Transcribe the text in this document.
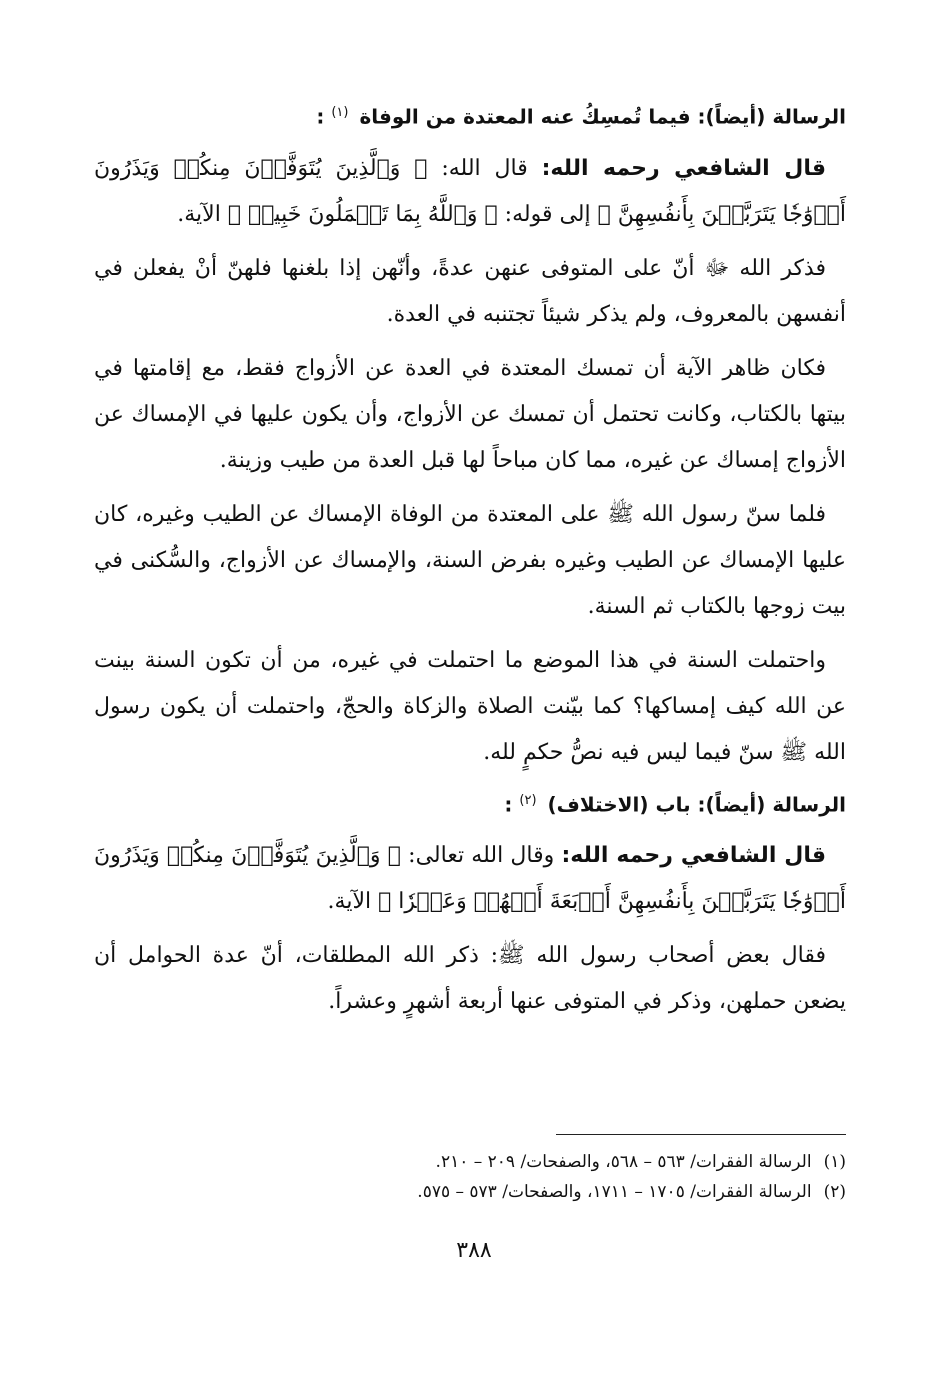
الرسالة (أيضاً): فيما تُمسِكُ عنه المعتدة من الوفاة $^{(١)}$ :

قال الشافعي رحمه الله: قال الله: ﴿ وَٱلَّذِينَ يُتَوَفَّوۡنَ مِنكُمۡ وَيَذَرُونَ أَزۡوَٰجٗا يَتَرَبَّصۡنَ بِأَنفُسِهِنَّ ﴾ إلى قوله: ﴿ وَٱللَّهُ بِمَا تَعۡمَلُونَ خَبِيرٞ ﴾ الآية.

فذكر الله ﷻ أنّ على المتوفى عنهن عدةً، وأنّهن إذا بلغنها فلهنّ أنْ يفعلن في أنفسهن بالمعروف، ولم يذكر شيئاً تجتنبه في العدة.

فكان ظاهر الآية أن تمسك المعتدة في العدة عن الأزواج فقط، مع إقامتها في بيتها بالكتاب، وكانت تحتمل أن تمسك عن الأزواج، وأن يكون عليها في الإمساك عن الأزواج إمساك عن غيره، مما كان مباحاً لها قبل العدة من طيب وزينة.

فلما سنّ رسول الله ﷺ على المعتدة من الوفاة الإمساك عن الطيب وغيره، كان عليها الإمساك عن الطيب وغيره بفرض السنة، والإمساك عن الأزواج، والسُّكنى في بيت زوجها بالكتاب ثم السنة.

واحتملت السنة في هذا الموضع ما احتملت في غيره، من أن تكون السنة بينت عن الله كيف إمساكها؟ كما بيّنت الصلاة والزكاة والحجّ، واحتملت أن يكون رسول الله ﷺ سنّ فيما ليس فيه نصُّ حكمٍ لله.

الرسالة (أيضاً): باب (الاختلاف) $^{(٢)}$ :

قال الشافعي رحمه الله: وقال الله تعالى: ﴿ وَٱلَّذِينَ يُتَوَفَّوۡنَ مِنكُمۡ وَيَذَرُونَ أَزۡوَٰجٗا يَتَرَبَّصۡنَ بِأَنفُسِهِنَّ أَرۡبَعَةَ أَشۡهُرٖ وَعَشۡرٗا ﴾ الآية.

فقال بعض أصحاب رسول الله ﷺ: ذكر الله المطلقات، أنّ عدة الحوامل أن يضعن حملهن، وذكر في المتوفى عنها أربعة أشهرٍ وعشراً.

(١)الرسالة الفقرات/ ٥٦٣ – ٥٦٨، والصفحات/ ٢٠٩ – ٢١٠.

(٢)الرسالة الفقرات/ ١٧٠٥ – ١٧١١، والصفحات/ ٥٧٣ – ٥٧٥.

٣٨٨
